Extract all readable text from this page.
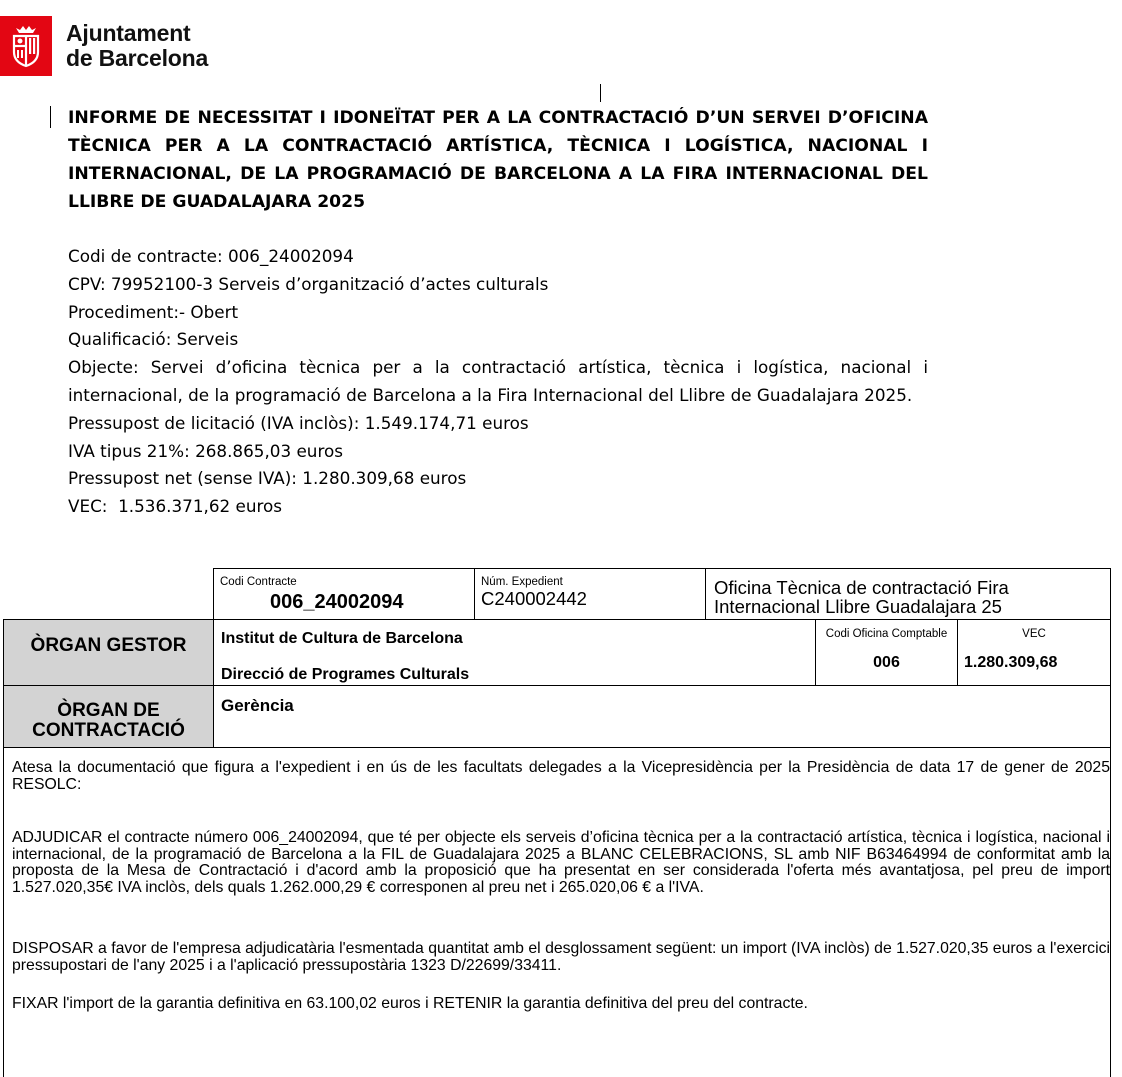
Ajuntament
de Barcelona
INFORME DE NECESSITAT I IDONEÏTAT PER A LA CONTRACTACIÓ D’UN SERVEI D’OFICINA TÈCNICA PER A LA CONTRACTACIÓ ARTÍSTICA, TÈCNICA I LOGÍSTICA, NACIONAL I INTERNACIONAL, DE LA PROGRAMACIÓ DE BARCELONA A LA FIRA INTERNACIONAL DEL LLIBRE DE GUADALAJARA 2025
Codi de contracte: 006_24002094
CPV: 79952100-3 Serveis d’organització d’actes culturals
Procediment:- Obert
Qualificació: Serveis
Objecte: Servei d’oficina tècnica per a la contractació artística, tècnica i logística, nacional i internacional, de la programació de Barcelona a la Fira Internacional del Llibre de Guadalajara 2025.
Pressupost de licitació (IVA inclòs): 1.549.174,71 euros
IVA tipus 21%: 268.865,03 euros
Pressupost net (sense IVA): 1.280.309,68 euros
VEC:  1.536.371,62 euros
Codi Contracte
006_24002094
Núm. Expedient
C240002442
Oficina Tècnica de contractació Fira
Internacional Llibre Guadalajara 25
ÒRGAN GESTOR	Institut de Cultura de Barcelona
Direcció de Programes Culturals
Codi Oficina Comptable
006
VEC
1.280.309,68
ÒRGAN DE
CONTRACTACIÓ
Gerència
Atesa la documentació que figura a l'expedient i en ús de les facultats delegades a la Vicepresidència per la Presidència de data 17 de gener de 2025 RESOLC:
ADJUDICAR el contracte número 006_24002094, que té per objecte els serveis d’oficina tècnica per a la contractació artística, tècnica i logística, nacional i internacional, de la programació de Barcelona a la FIL de Guadalajara 2025 a BLANC CELEBRACIONS, SL amb NIF B63464994 de conformitat amb la proposta de la Mesa de Contractació i d'acord amb la proposició que ha presentat en ser considerada l'oferta més avantatjosa, pel preu de import 1.527.020,35€ IVA inclòs, dels quals 1.262.000,29 € corresponen al preu net i 265.020,06 € a l'IVA.
DISPOSAR a favor de l'empresa adjudicatària l'esmentada quantitat amb el desglossament següent: un import (IVA inclòs) de 1.527.020,35 euros a l'exercici pressupostari de l'any 2025 i a l'aplicació pressupostària 1323 D/22699/33411.
FIXAR l'import de la garantia definitiva en 63.100,02 euros i RETENIR la garantia definitiva del preu del contracte.
